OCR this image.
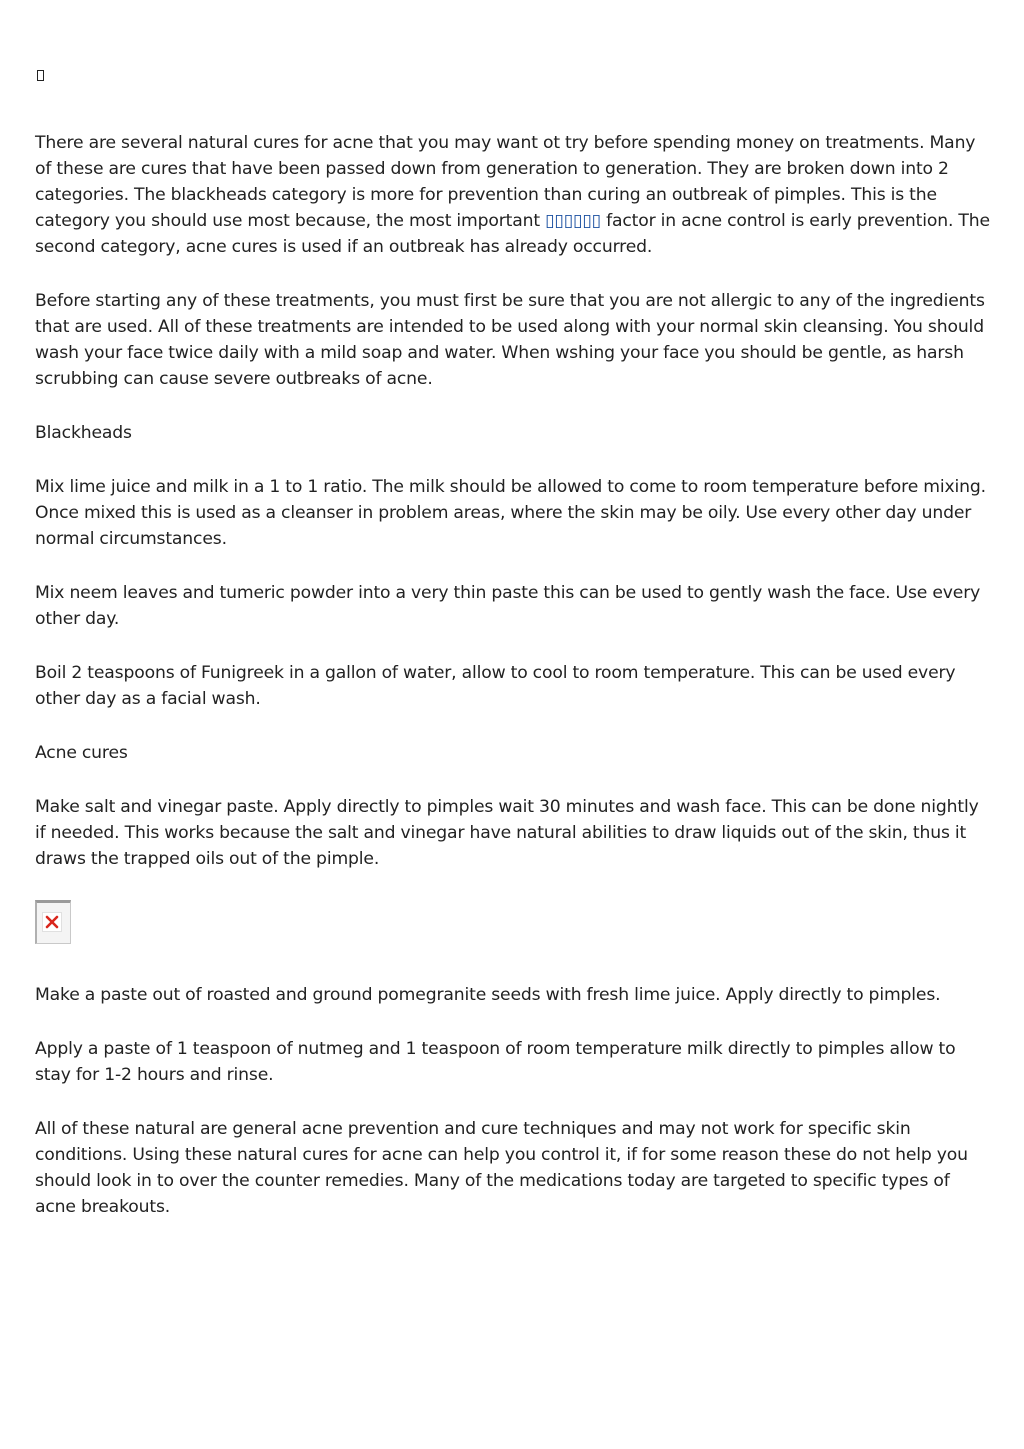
There are several natural cures for acne that you may want ot try before spending money on treatments. Many of these are cures that have been passed down from generation to generation. They are broken down into 2 categories. The blackheads category is more for prevention than curing an outbreak of pimples. This is the category you should use most because, the most important ▯▯▯▯▯▯ factor in acne control is early prevention. The second category, acne cures is used if an outbreak has already occurred.

Before starting any of these treatments, you must first be sure that you are not allergic to any of the ingredients that are used. All of these treatments are intended to be used along with your normal skin cleansing. You should wash your face twice daily with a mild soap and water. When wshing your face you should be gentle, as harsh scrubbing can cause severe outbreaks of acne.

Blackheads

Mix lime juice and milk in a 1 to 1 ratio. The milk should be allowed to come to room temperature before mixing. Once mixed this is used as a cleanser in problem areas, where the skin may be oily. Use every other day under normal circumstances.

Mix neem leaves and tumeric powder into a very thin paste this can be used to gently wash the face. Use every other day.

Boil 2 teaspoons of Funigreek in a gallon of water, allow to cool to room temperature. This can be used every other day as a facial wash.

Acne cures

Make salt and vinegar paste. Apply directly to pimples wait 30 minutes and wash face. This can be done nightly if needed. This works because the salt and vinegar have natural abilities to draw liquids out of the skin, thus it draws the trapped oils out of the pimple.

Make a paste out of roasted and ground pomegranite seeds with fresh lime juice. Apply directly to pimples.

Apply a paste of 1 teaspoon of nutmeg and 1 teaspoon of room temperature milk directly to pimples allow to stay for 1-2 hours and rinse.

All of these natural are general acne prevention and cure techniques and may not work for specific skin conditions. Using these natural cures for acne can help you control it, if for some reason these do not help you should look in to over the counter remedies. Many of the medications today are targeted to specific types of acne breakouts.
